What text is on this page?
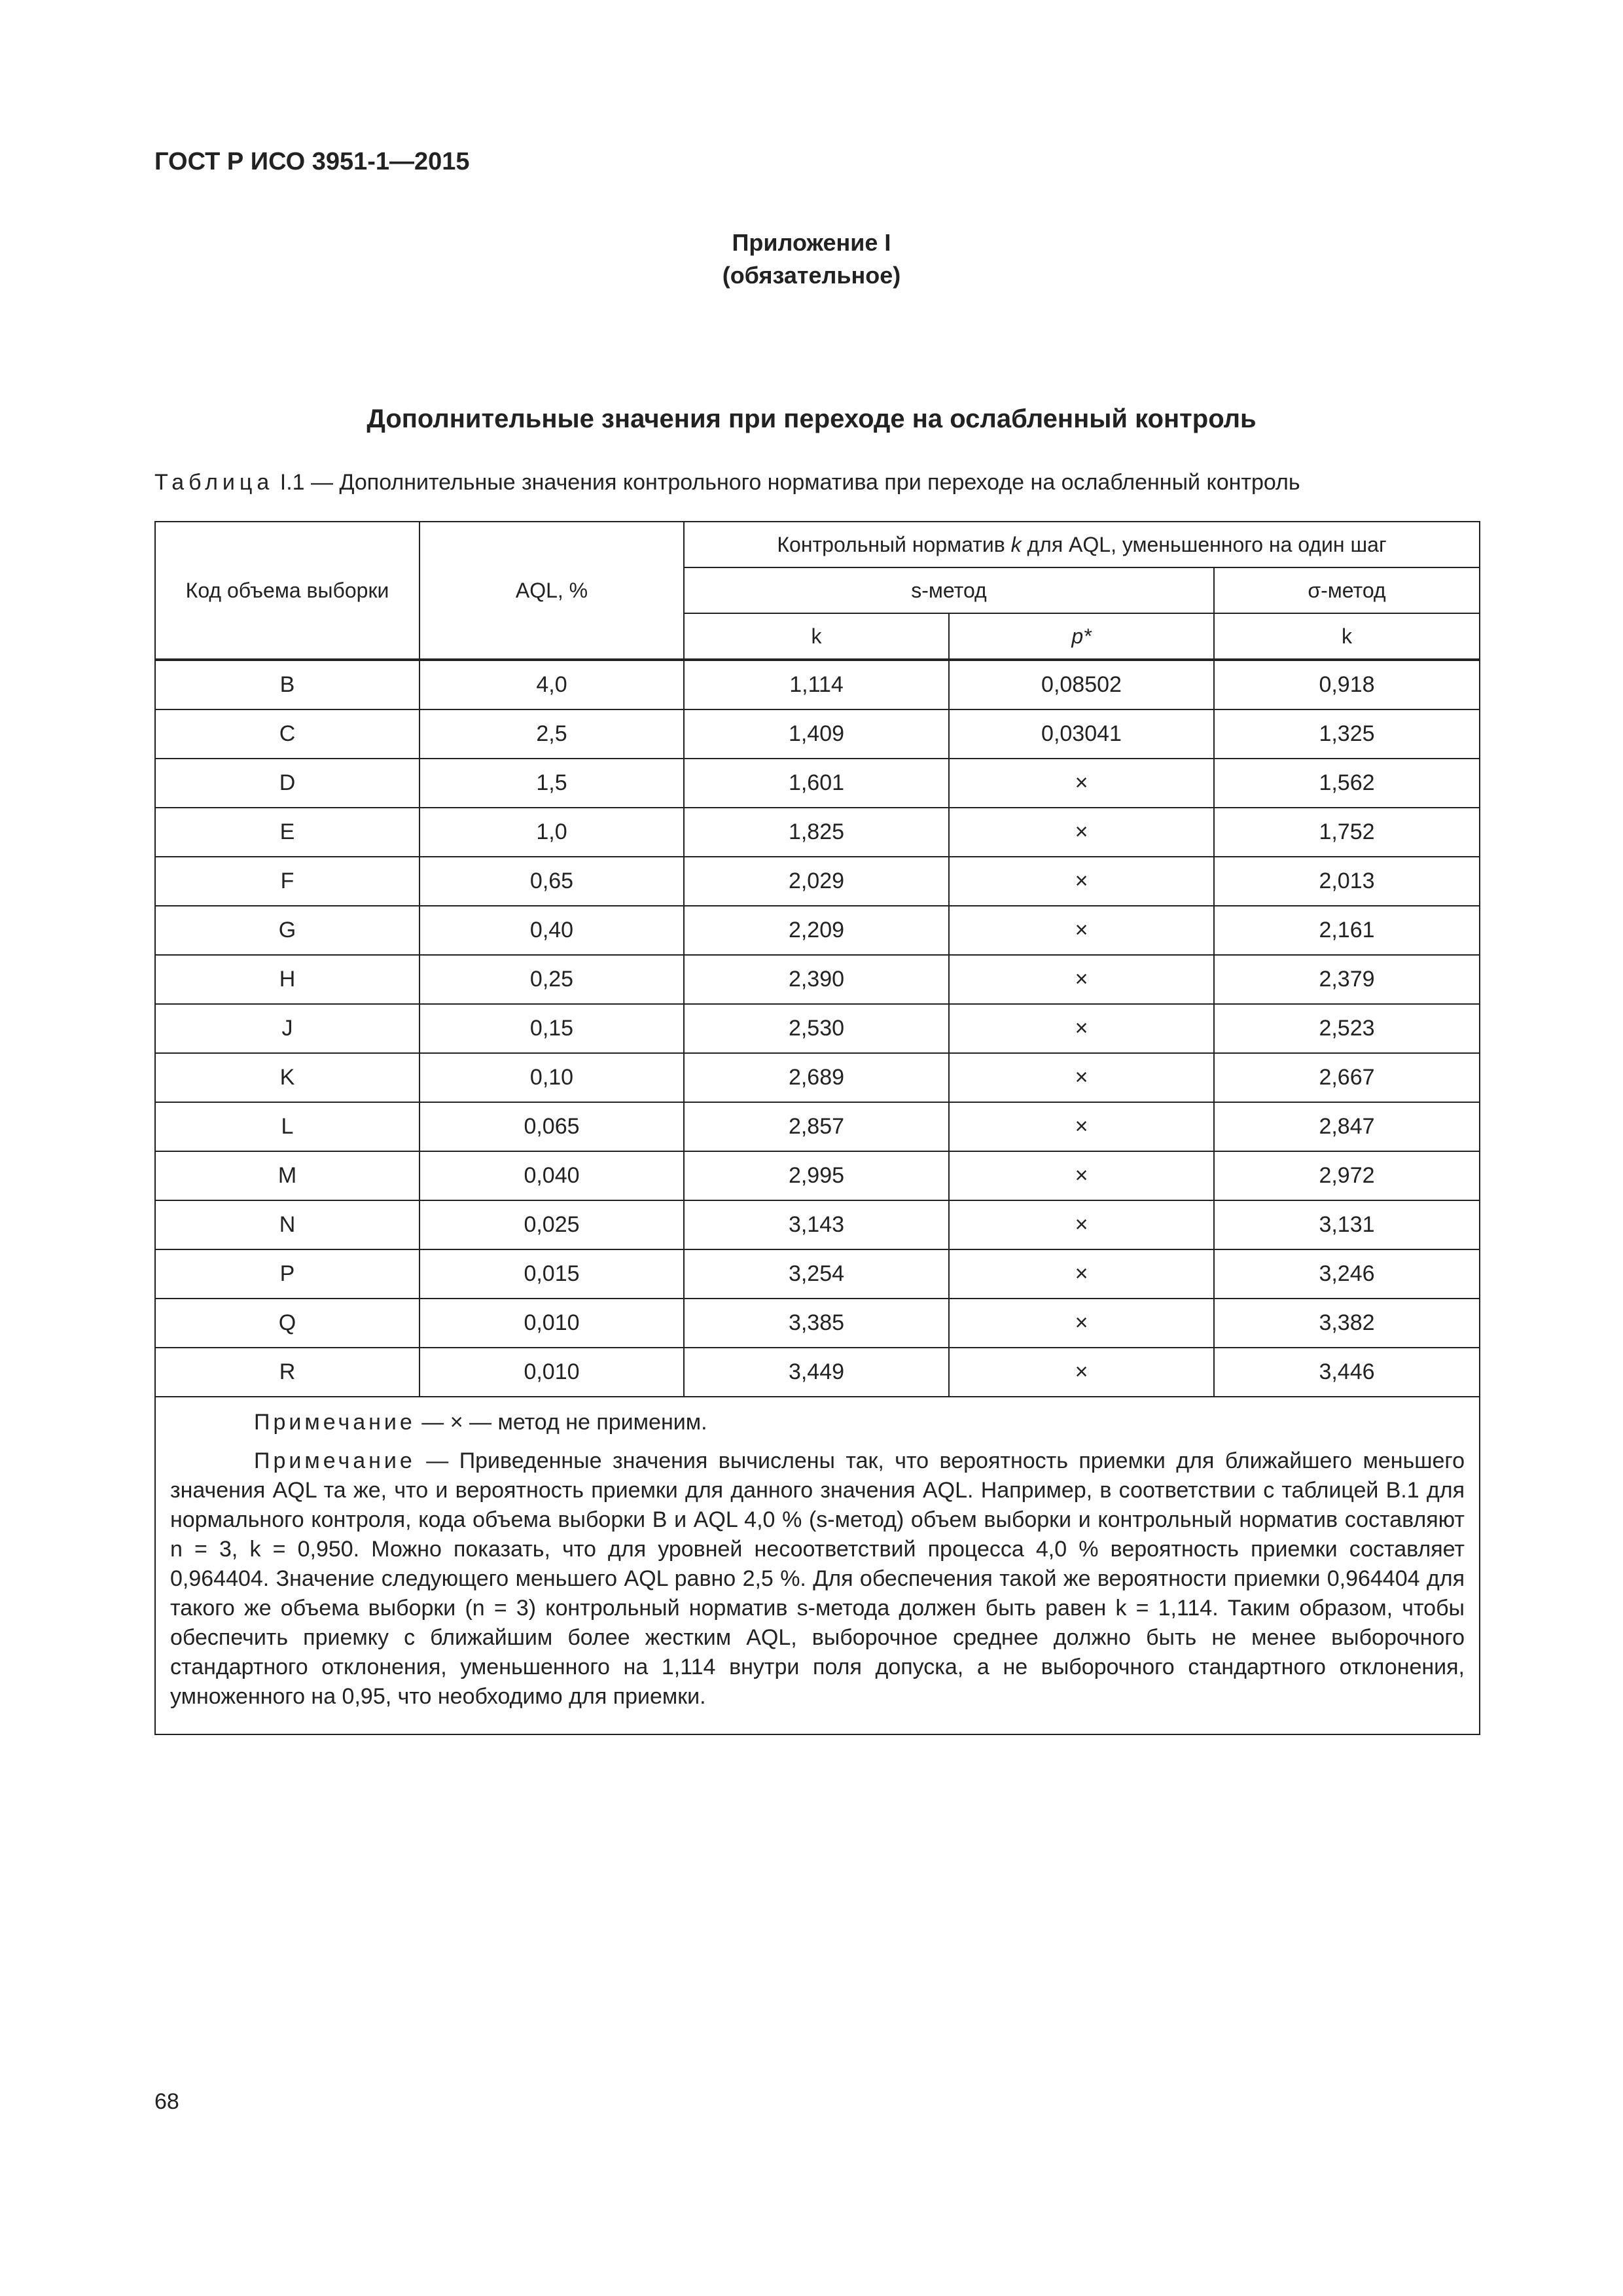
ГОСТ Р ИСО 3951-1—2015
Приложение I
(обязательное)
Дополнительные значения при переходе на ослабленный контроль
Таблица I.1 — Дополнительные значения контрольного норматива при переходе на ослабленный контроль
Код объема выборки	AQL, %	Контрольный норматив k для AQL, уменьшенного на один шаг		
		s-метод		σ-метод
		k	p*	k
B	4,0	1,114	0,08502	0,918
C	2,5	1,409	0,03041	1,325
D	1,5	1,601	×	1,562
E	1,0	1,825	×	1,752
F	0,65	2,029	×	2,013
G	0,40	2,209	×	2,161
H	0,25	2,390	×	2,379
J	0,15	2,530	×	2,523
K	0,10	2,689	×	2,667
L	0,065	2,857	×	2,847
M	0,040	2,995	×	2,972
N	0,025	3,143	×	3,131
P	0,015	3,254	×	3,246
Q	0,010	3,385	×	3,382
R	0,010	3,449	×	3,446

Примечание — × — метод не применим.

Примечание — Приведенные значения вычислены так, что вероятность приемки для ближайшего меньшего значения AQL та же, что и вероятность приемки для данного значения AQL. Например, в соответствии с таблицей В.1 для нормального контроля, кода объема выборки В и AQL 4,0 % (s-метод) объем выборки и контрольный норматив составляют n = 3, k = 0,950. Можно показать, что для уровней несоответствий процесса 4,0 % вероятность приемки составляет 0,964404. Значение следующего меньшего AQL равно 2,5 %. Для обеспечения такой же вероятности приемки 0,964404 для такого же объема выборки (n = 3) контрольный норматив s-метода должен быть равен k = 1,114. Таким образом, чтобы обеспечить приемку с ближайшим более жестким AQL, выборочное среднее должно быть не менее выборочного стандартного отклонения, уменьшенного на 1,114 внутри поля допуска, а не выборочного стандартного отклонения, умноженного на 0,95, что необходимо для приемки.				

68
